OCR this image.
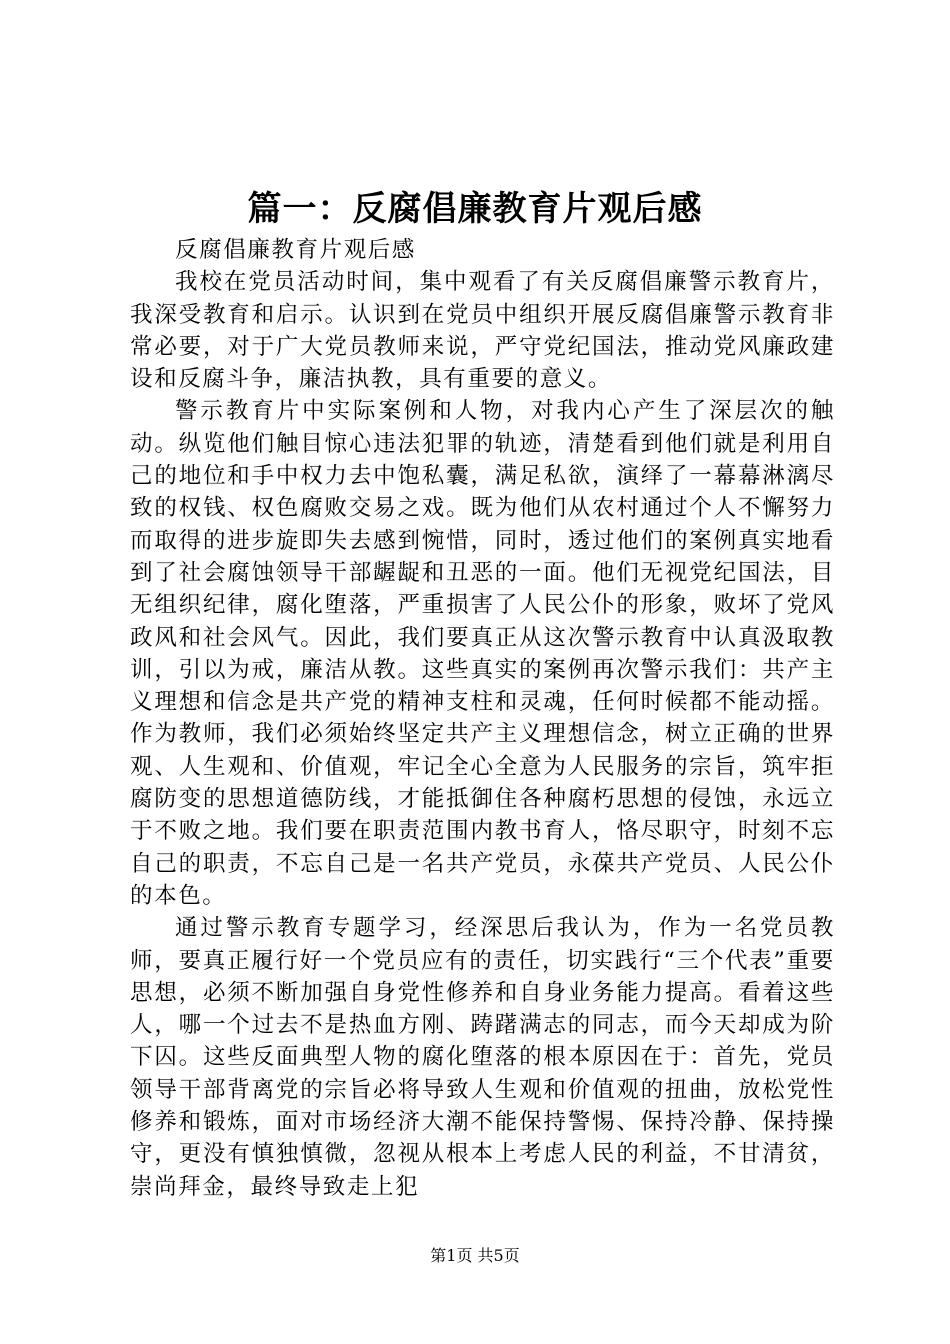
篇一：反腐倡廉教育片观后感

反腐倡廉教育片观后感

我校在党员活动时间，集中观看了有关反腐倡廉警示教育片，我深受教育和启示。认识到在党员中组织开展反腐倡廉警示教育非常必要，对于广大党员教师来说，严守党纪国法，推动党风廉政建设和反腐斗争，廉洁执教，具有重要的意义。

警示教育片中实际案例和人物，对我内心产生了深层次的触动。纵览他们触目惊心违法犯罪的轨迹，清楚看到他们就是利用自己的地位和手中权力去中饱私囊，满足私欲，演绎了一幕幕淋漓尽致的权钱、权色腐败交易之戏。既为他们从农村通过个人不懈努力而取得的进步旋即失去感到惋惜，同时，透过他们的案例真实地看到了社会腐蚀领导干部龌龊和丑恶的一面。他们无视党纪国法，目无组织纪律，腐化堕落，严重损害了人民公仆的形象，败坏了党风政风和社会风气。因此，我们要真正从这次警示教育中认真汲取教训，引以为戒，廉洁从教。这些真实的案例再次警示我们：共产主义理想和信念是共产党的精神支柱和灵魂，任何时候都不能动摇。作为教师，我们必须始终坚定共产主义理想信念，树立正确的世界观、人生观和、价值观，牢记全心全意为人民服务的宗旨，筑牢拒腐防变的思想道德防线，才能抵御住各种腐朽思想的侵蚀，永远立于不败之地。我们要在职责范围内教书育人，恪尽职守，时刻不忘自己的职责，不忘自己是一名共产党员，永葆共产党员、人民公仆的本色。

通过警示教育专题学习，经深思后我认为，作为一名党员教师，要真正履行好一个党员应有的责任，切实践行“三个代表”重要思想，必须不断加强自身党性修养和自身业务能力提高。看着这些人，哪一个过去不是热血方刚、踌躇满志的同志，而今天却成为阶下囚。这些反面典型人物的腐化堕落的根本原因在于：首先，党员领导干部背离党的宗旨必将导致人生观和价值观的扭曲，放松党性修养和锻炼，面对市场经济大潮不能保持警惕、保持冷静、保持操守，更没有慎独慎微，忽视从根本上考虑人民的利益，不甘清贫，崇尚拜金，最终导致走上犯

第1页 共5页
